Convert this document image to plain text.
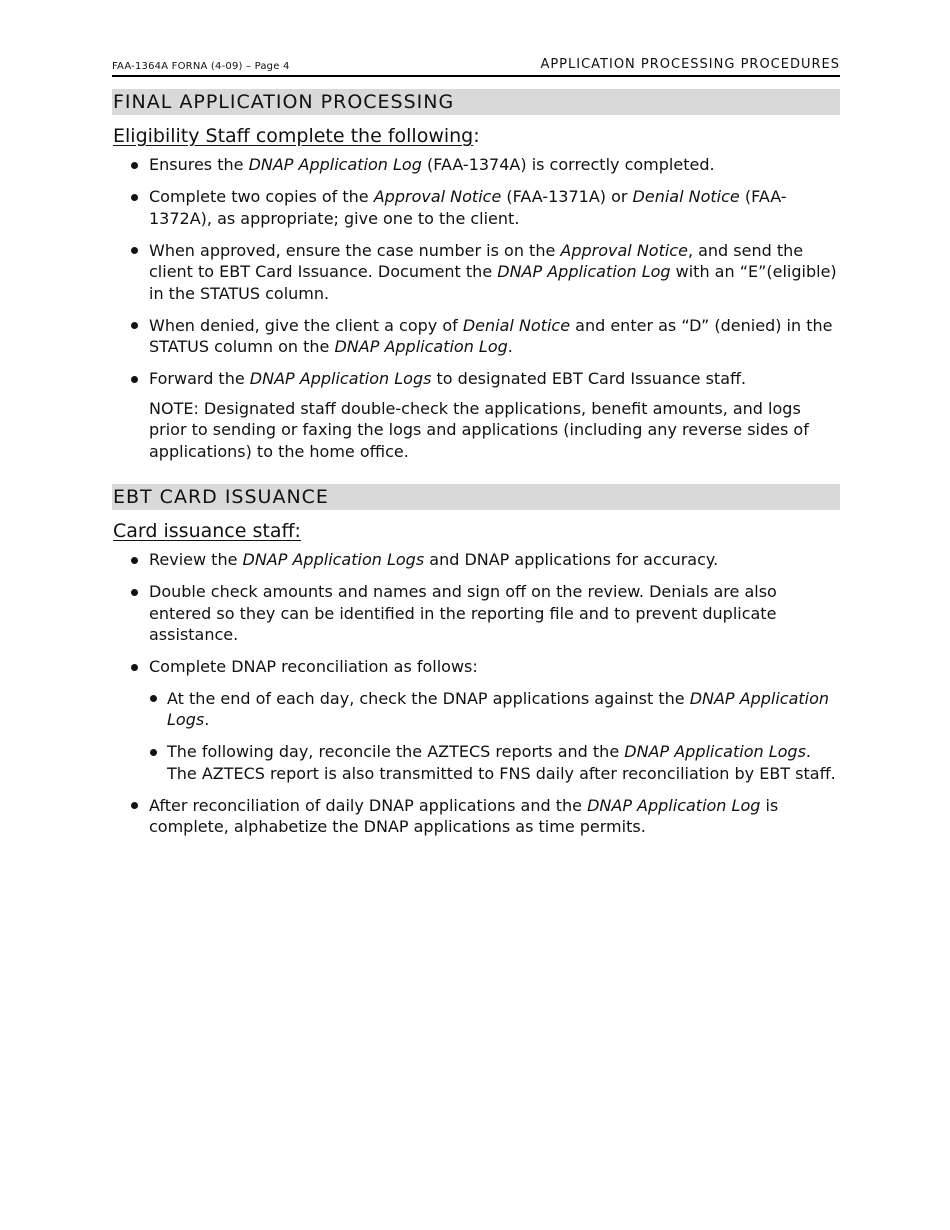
FAA-1364A FORNA (4-09) – Page 4	APPLICATION PROCESSING PROCEDURES
FINAL APPLICATION PROCESSING
Eligibility Staff complete the following:
Ensures the DNAP Application Log (FAA-1374A) is correctly completed.
Complete two copies of the Approval Notice (FAA-1371A) or Denial Notice (FAA-1372A), as appropriate; give one to the client.
When approved, ensure the case number is on the Approval Notice, and send the client to EBT Card Issuance. Document the DNAP Application Log with an “E”(eligible) in the STATUS column.
When denied, give the client a copy of Denial Notice and enter as “D” (denied) in the STATUS column on the DNAP Application Log.
Forward the DNAP Application Logs to designated EBT Card Issuance staff.
NOTE: Designated staff double-check the applications, benefit amounts, and logs prior to sending or faxing the logs and applications (including any reverse sides of applications) to the home office.
EBT CARD ISSUANCE
Card issuance staff:
Review the DNAP Application Logs and DNAP applications for accuracy.
Double check amounts and names and sign off on the review. Denials are also entered so they can be identified in the reporting file and to prevent duplicate assistance.
Complete DNAP reconciliation as follows:
At the end of each day, check the DNAP applications against the DNAP Application Logs.
The following day, reconcile the AZTECS reports and the DNAP Application Logs. The AZTECS report is also transmitted to FNS daily after reconciliation by EBT staff.
After reconciliation of daily DNAP applications and the DNAP Application Log is complete, alphabetize the DNAP applications as time permits.
